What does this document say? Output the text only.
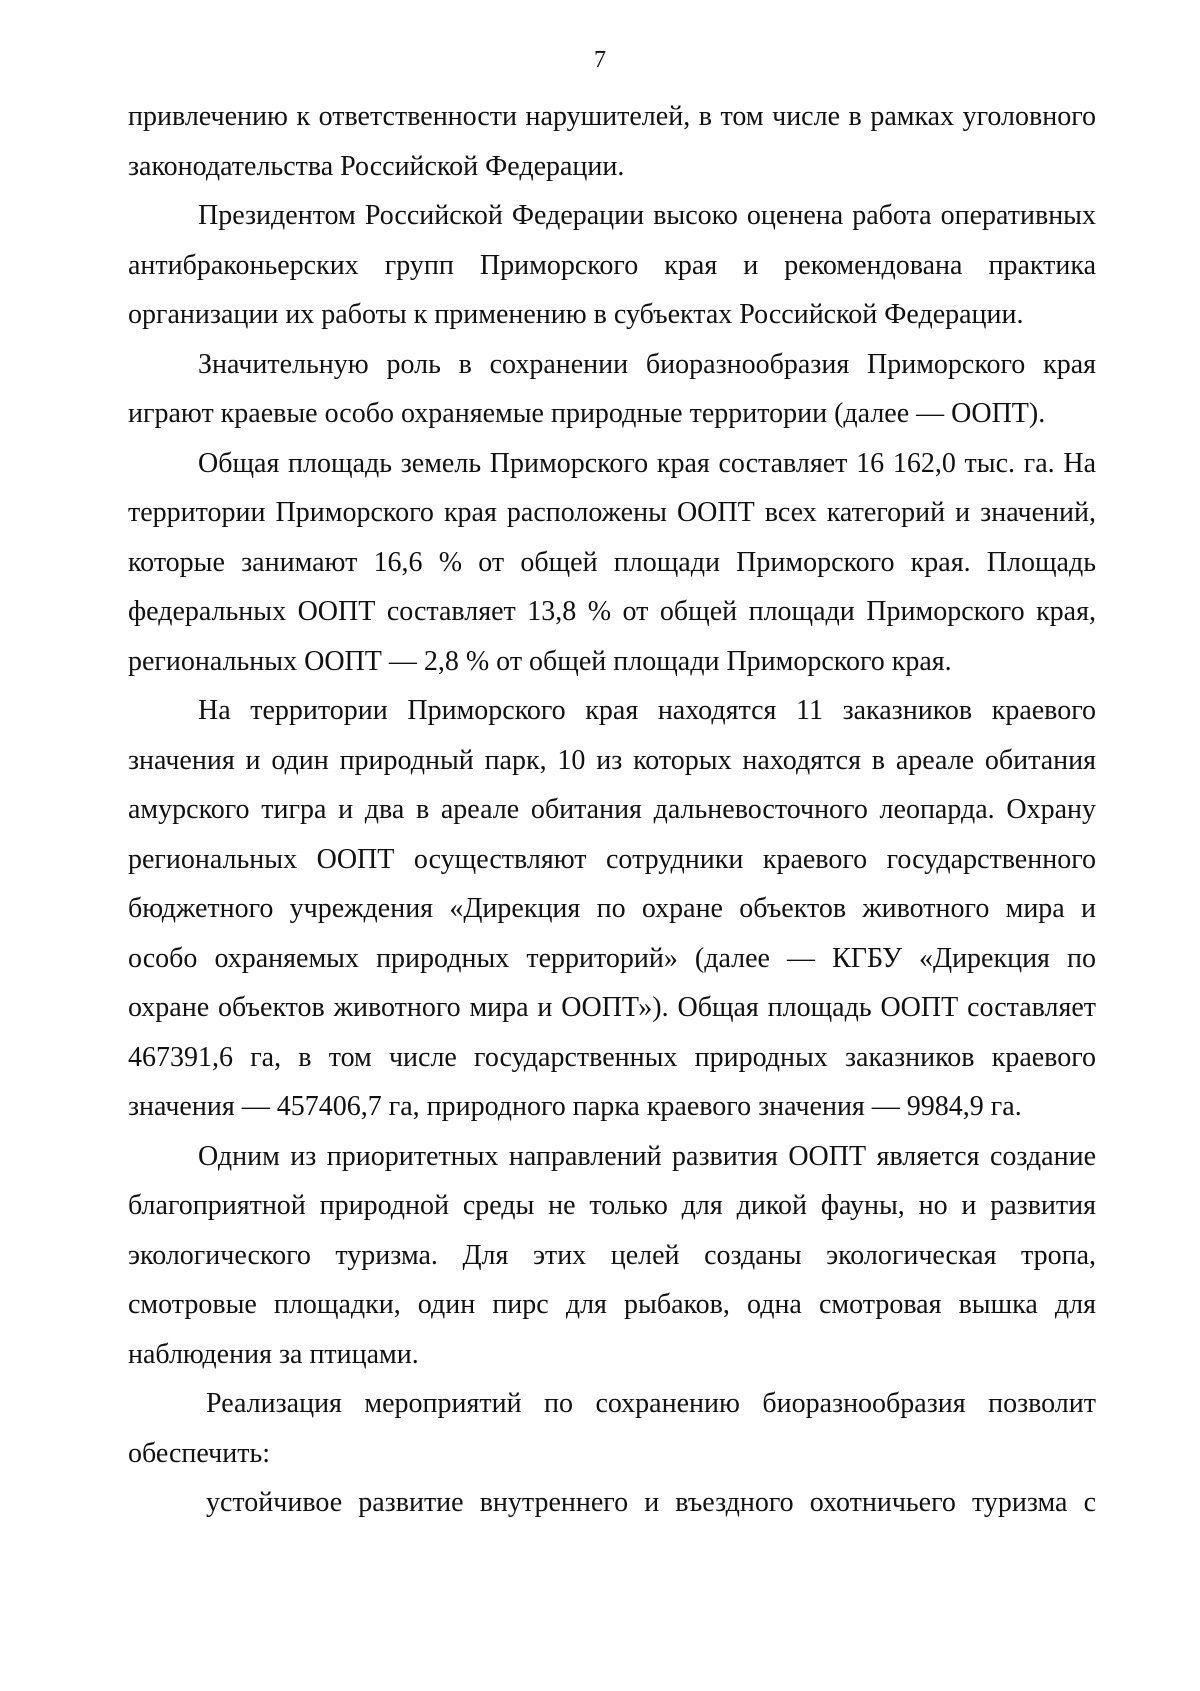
7

привлечению к ответственности нарушителей, в том числе в рамках уголовного законодательства Российской Федерации.

Президентом Российской Федерации высоко оценена работа оперативных антибраконьерских групп Приморского края и рекомендована практика организации их работы к применению в субъектах Российской Федерации.

Значительную роль в сохранении биоразнообразия Приморского края играют краевые особо охраняемые природные территории (далее — ООПТ).

Общая площадь земель Приморского края составляет 16 162,0 тыс. га. На территории Приморского края расположены ООПТ всех категорий и значений, которые занимают 16,6 % от общей площади Приморского края. Площадь федеральных ООПТ составляет 13,8 % от общей площади Приморского края, региональных ООПТ — 2,8 % от общей площади Приморского края.

На территории Приморского края находятся 11 заказников краевого значения и один природный парк, 10 из которых находятся в ареале обитания амурского тигра и два в ареале обитания дальневосточного леопарда. Охрану региональных ООПТ осуществляют сотрудники краевого государственного бюджетного учреждения «Дирекция по охране объектов животного мира и особо охраняемых природных территорий» (далее — КГБУ «Дирекция по охране объектов животного мира и ООПТ»). Общая площадь ООПТ составляет 467391,6 га, в том числе государственных природных заказников краевого значения — 457406,7 га, природного парка краевого значения — 9984,9 га.

Одним из приоритетных направлений развития ООПТ является создание благоприятной природной среды не только для дикой фауны, но и развития экологического туризма. Для этих целей созданы экологическая тропа, смотровые площадки, один пирс для рыбаков, одна смотровая вышка для наблюдения за птицами.

Реализация мероприятий по сохранению биоразнообразия позволит обеспечить:

устойчивое развитие внутреннего и въездного охотничьего туризма с
